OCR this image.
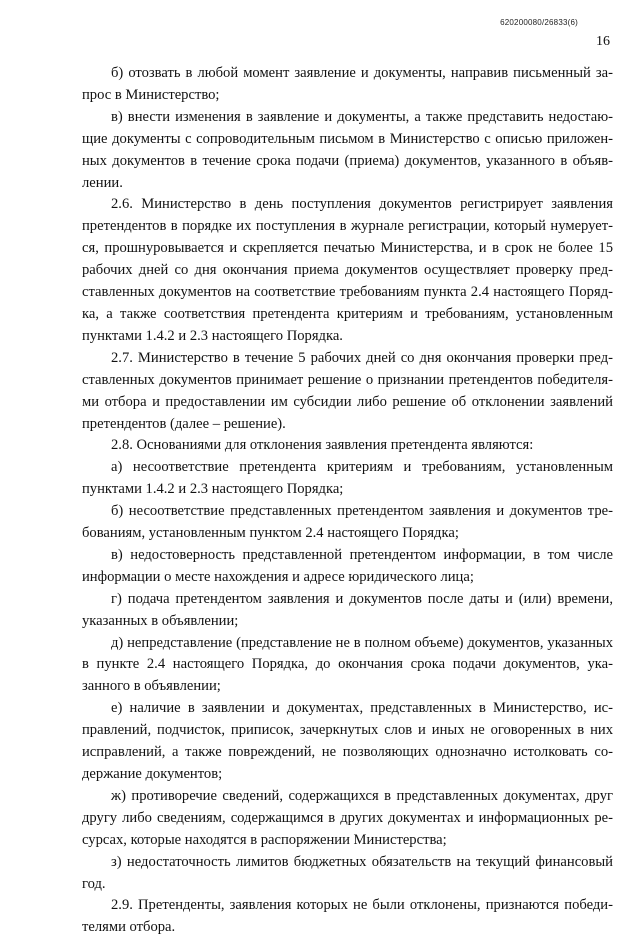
620200080/26833(6)
16

б) отозвать в любой момент заявление и документы, направив письменный запрос в Министерство;

в) внести изменения в заявление и документы, а также представить недостающие документы с сопроводительным письмом в Министерство с описью приложенных документов в течение срока подачи (приема) документов, указанного в объявлении.

2.6. Министерство в день поступления документов регистрирует заявления претендентов в порядке их поступления в журнале регистрации, который нумеруется, прошнуровывается и скрепляется печатью Министерства, и в срок не более 15 рабочих дней со дня окончания приема документов осуществляет проверку представленных документов на соответствие требованиям пункта 2.4 настоящего Порядка, а также соответствия претендента критериям и требованиям, установленным пунктами 1.4.2 и 2.3 настоящего Порядка.

2.7. Министерство в течение 5 рабочих дней со дня окончания проверки представленных документов принимает решение о признании претендентов победителями отбора и предоставлении им субсидии либо решение об отклонении заявлений претендентов (далее – решение).

2.8. Основаниями для отклонения заявления претендента являются:

а) несоответствие претендента критериям и требованиям, установленным пунктами 1.4.2 и 2.3 настоящего Порядка;

б) несоответствие представленных претендентом заявления и документов требованиям, установленным пунктом 2.4 настоящего Порядка;

в) недостоверность представленной претендентом информации, в том числе информации о месте нахождения и адресе юридического лица;

г) подача претендентом заявления и документов после даты и (или) времени, указанных в объявлении;

д) непредставление (представление не в полном объеме) документов, указанных в пункте 2.4 настоящего Порядка, до окончания срока подачи документов, указанного в объявлении;

е) наличие в заявлении и документах, представленных в Министерство, исправлений, подчисток, приписок, зачеркнутых слов и иных не оговоренных в них исправлений, а также повреждений, не позволяющих однозначно истолковать содержание документов;

ж) противоречие сведений, содержащихся в представленных документах, друг другу либо сведениям, содержащимся в других документах и информационных ресурсах, которые находятся в распоряжении Министерства;

з) недостаточность лимитов бюджетных обязательств на текущий финансовый год.

2.9. Претенденты, заявления которых не были отклонены, признаются победителями отбора.
